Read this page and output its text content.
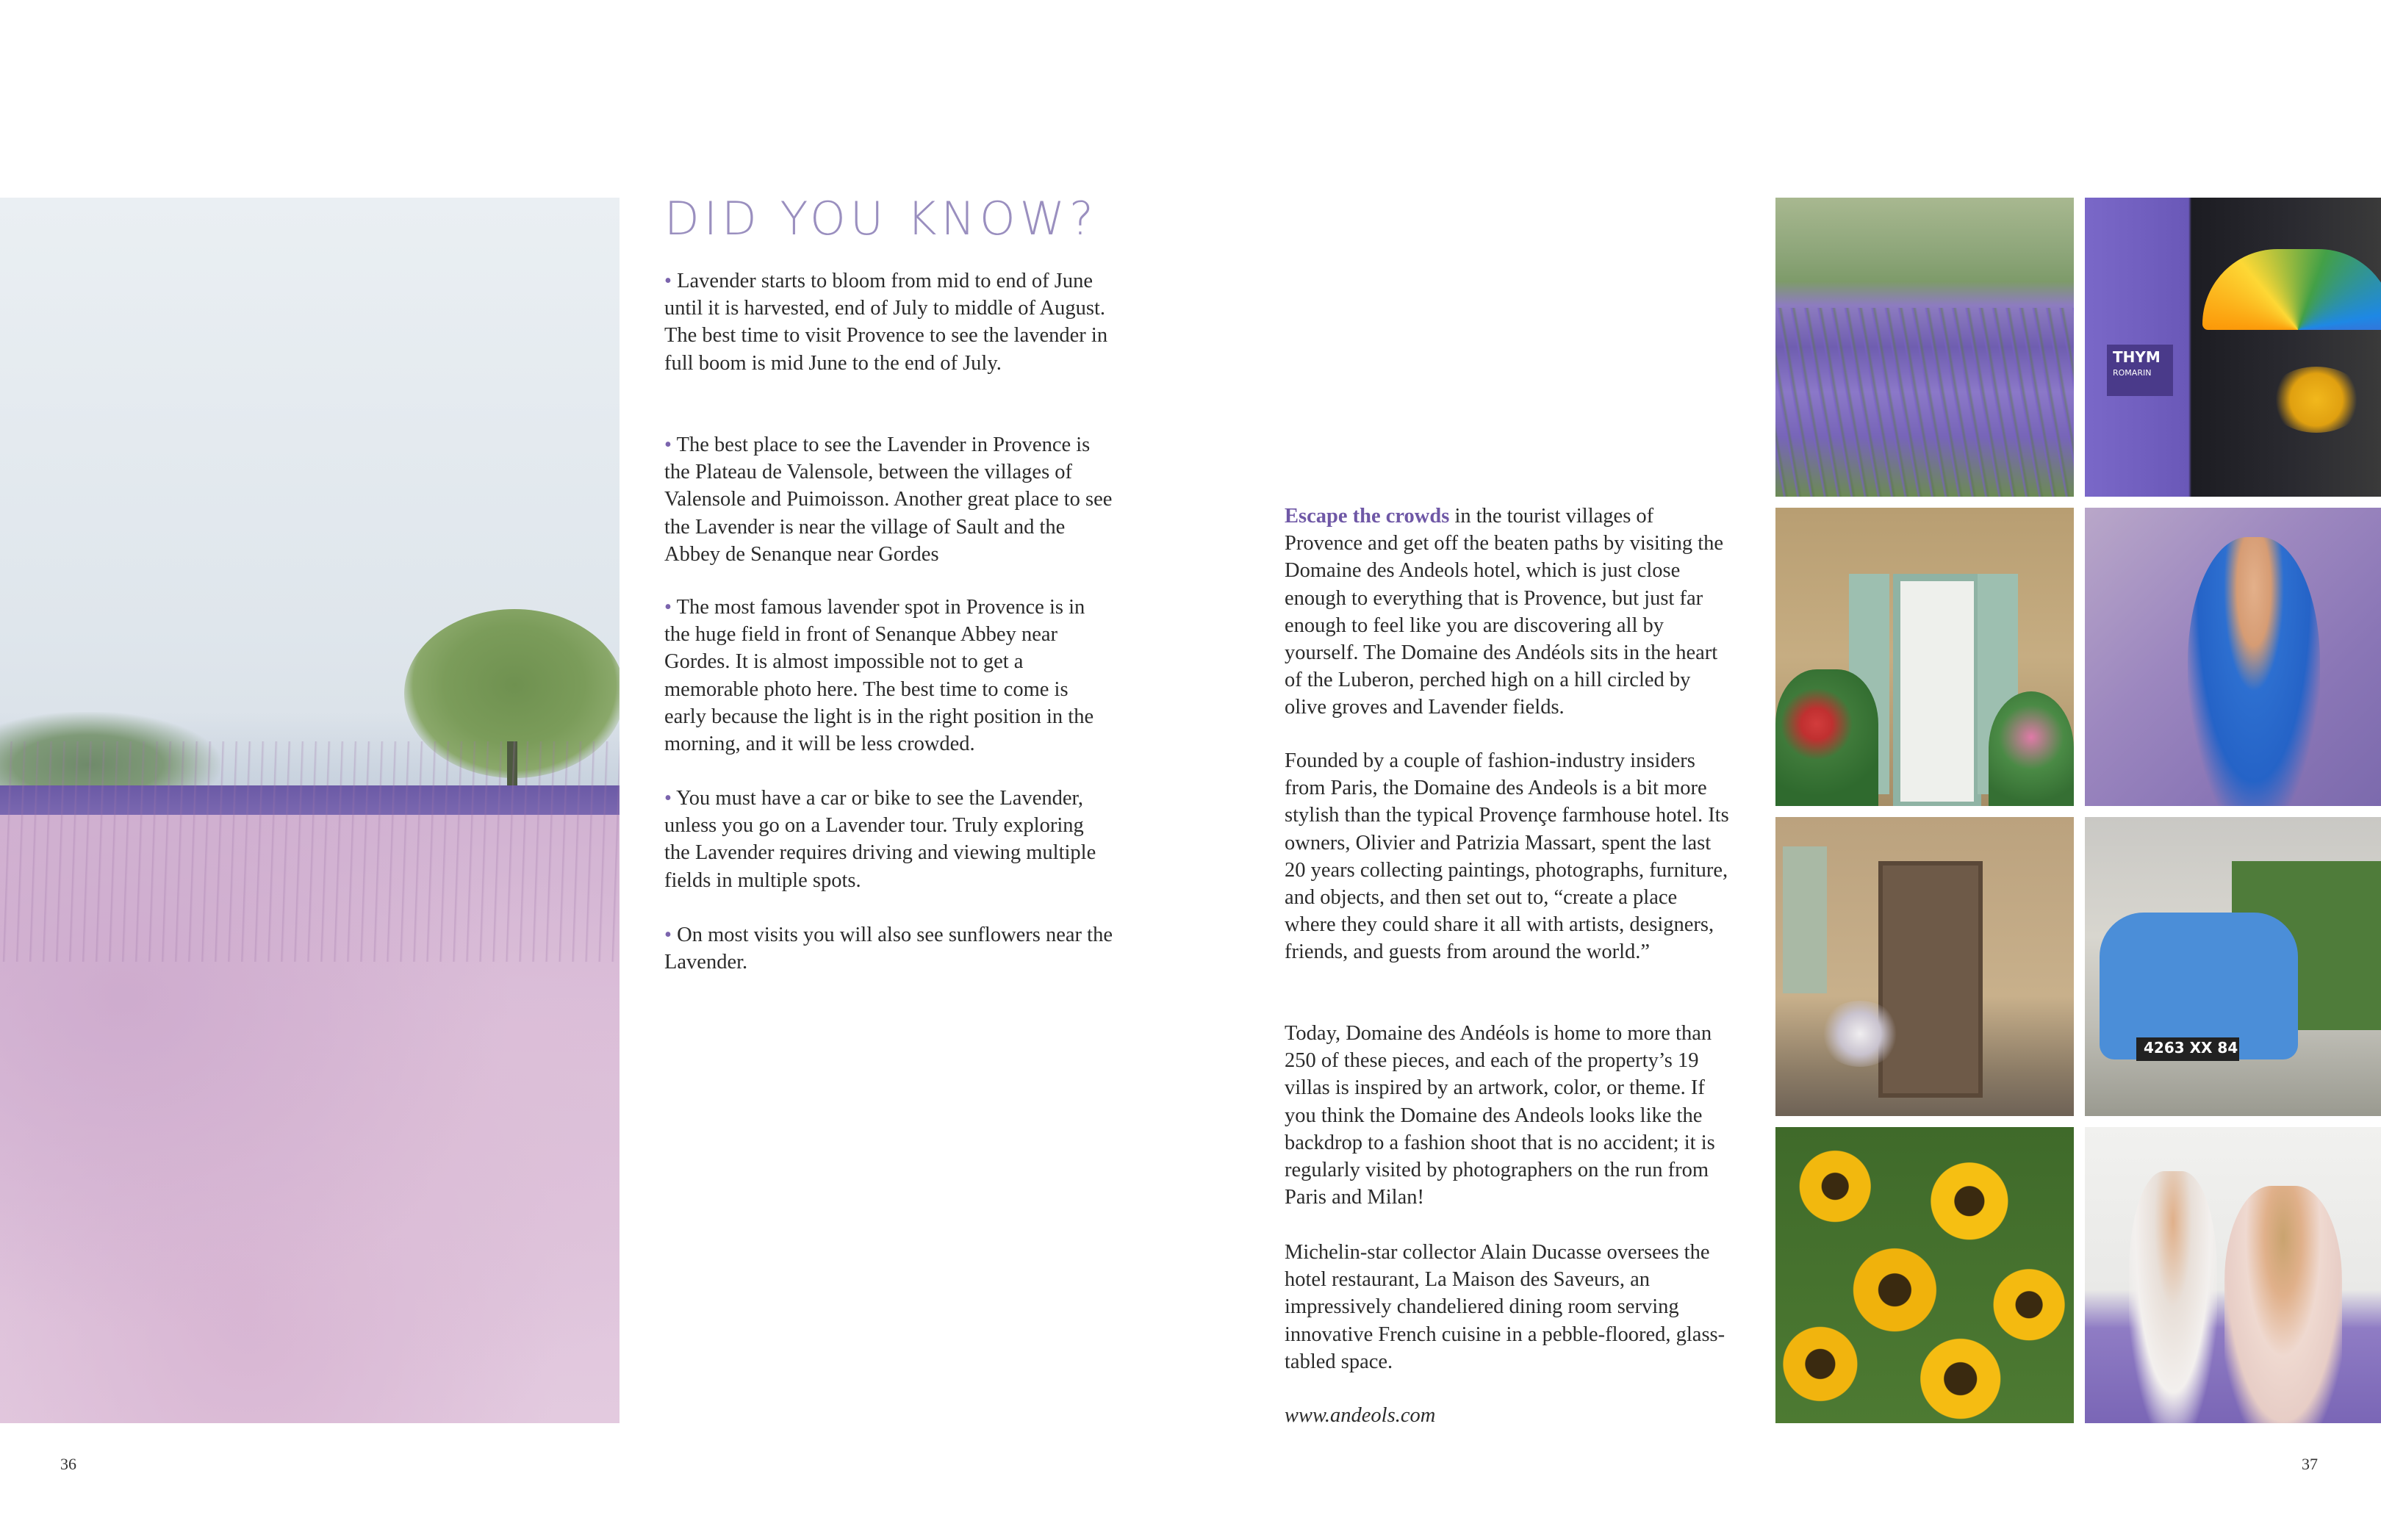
DID YOU KNOW?
• Lavender starts to bloom from mid to end of June until it is harvested, end of July to middle of August. The best time to visit Provence to see the lavender in full boom is mid June to the end of July.
• The best place to see the Lavender in Provence is the Plateau de Valensole, between the villages of Valensole and Puimoisson. Another great place to see the Lavender is near the village of Sault and the Abbey de Senanque near Gordes
• The most famous lavender spot in Provence is in the huge field in front of Senanque Abbey near Gordes. It is almost impossible not to get a memorable photo here. The best time to come is early because the light is in the right position in the morning, and it will be less crowded.
• You must have a car or bike to see the Lavender, unless you go on a Lavender tour. Truly exploring the Lavender requires driving and viewing multiple fields in multiple spots.
• On most visits you will also see sunflowers near the Lavender.
Escape the crowds in the tourist villages of Provence and get off the beaten paths by visiting the Domaine des Andeols hotel, which is just close enough to everything that is Provence, but just far enough to feel like you are discovering all by yourself. The Domaine des Andéols sits in the heart of the Luberon, perched high on a hill circled by olive groves and Lavender fields.
Founded by a couple of fashion-industry insiders from Paris, the Domaine des Andeols is a bit more stylish than the typical Provençe farmhouse hotel. Its owners, Olivier and Patrizia Massart, spent the last 20 years collecting paintings, photographs, furniture, and objects, and then set out to, “create a place where they could share it all with artists, designers, friends, and guests from around the world.”
Today, Domaine des Andéols is home to more than 250 of these pieces, and each of the property’s 19 villas is inspired by an artwork, color, or theme. If you think the Domaine des Andeols looks like the backdrop to a fashion shoot that is no accident; it is regularly visited by photographers on the run from Paris and Milan!
Michelin-star collector Alain Ducasse oversees the hotel restaurant, La Maison des Saveurs, an impressively chandeliered dining room serving innovative French cuisine in a pebble-floored, glass-tabled space.
www.andeols.com
36	37
THYM
ROMARIN
4263 XX 84
